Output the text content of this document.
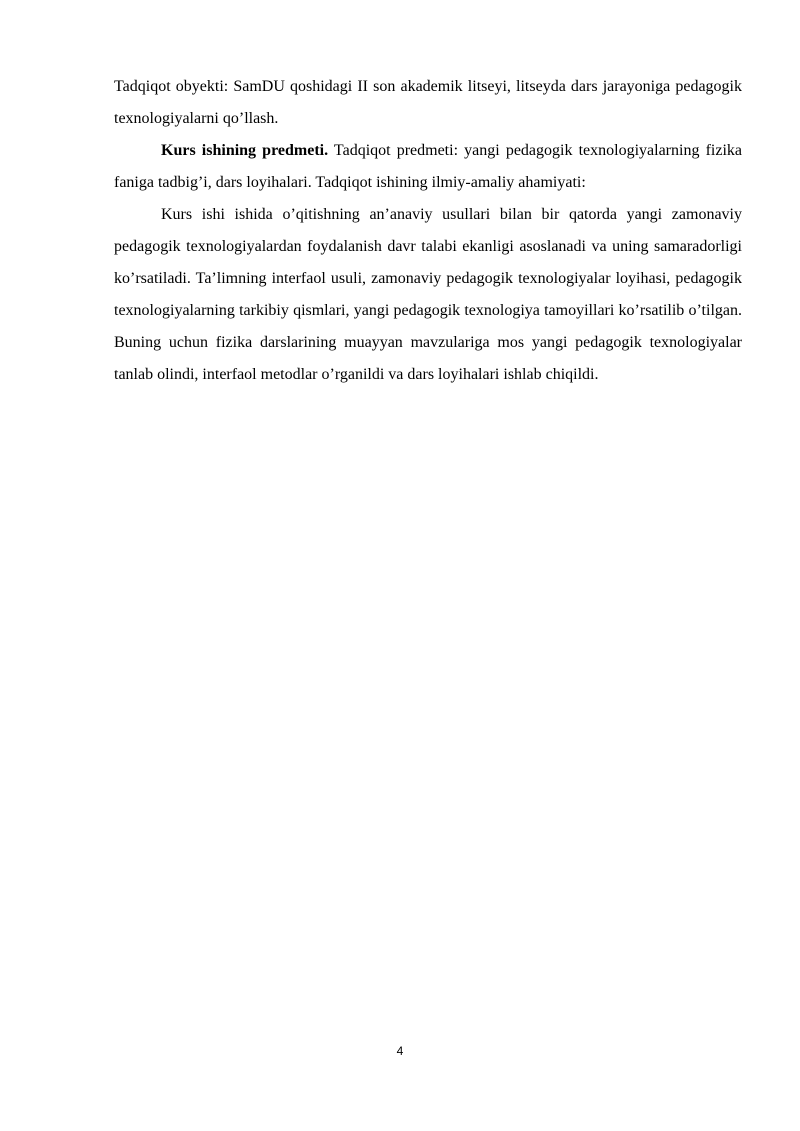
Tadqiqot obyekti: SamDU qoshidagi II son akademik litseyi, litseyda dars jarayoniga pedagogik texnologiyalarni qo’llash.

Kurs ishining predmeti. Tadqiqot predmeti: yangi pedagogik texnologiyalarning fizika faniga tadbig’i, dars loyihalari. Tadqiqot ishining ilmiy-amaliy ahamiyati:

Kurs ishi ishida o’qitishning an’anaviy usullari bilan bir qatorda yangi zamonaviy pedagogik texnologiyalardan foydalanish davr talabi ekanligi asoslanadi va uning samaradorligi ko’rsatiladi. Ta’limning interfaol usuli, zamonaviy pedagogik texnologiyalar loyihasi, pedagogik texnologiyalarning tarkibiy qismlari, yangi pedagogik texnologiya tamoyillari ko’rsatilib o’tilgan. Buning uchun fizika darslarining muayyan mavzulariga mos yangi pedagogik texnologiyalar tanlab olindi, interfaol metodlar o’rganildi va dars loyihalari ishlab chiqildi.

4
